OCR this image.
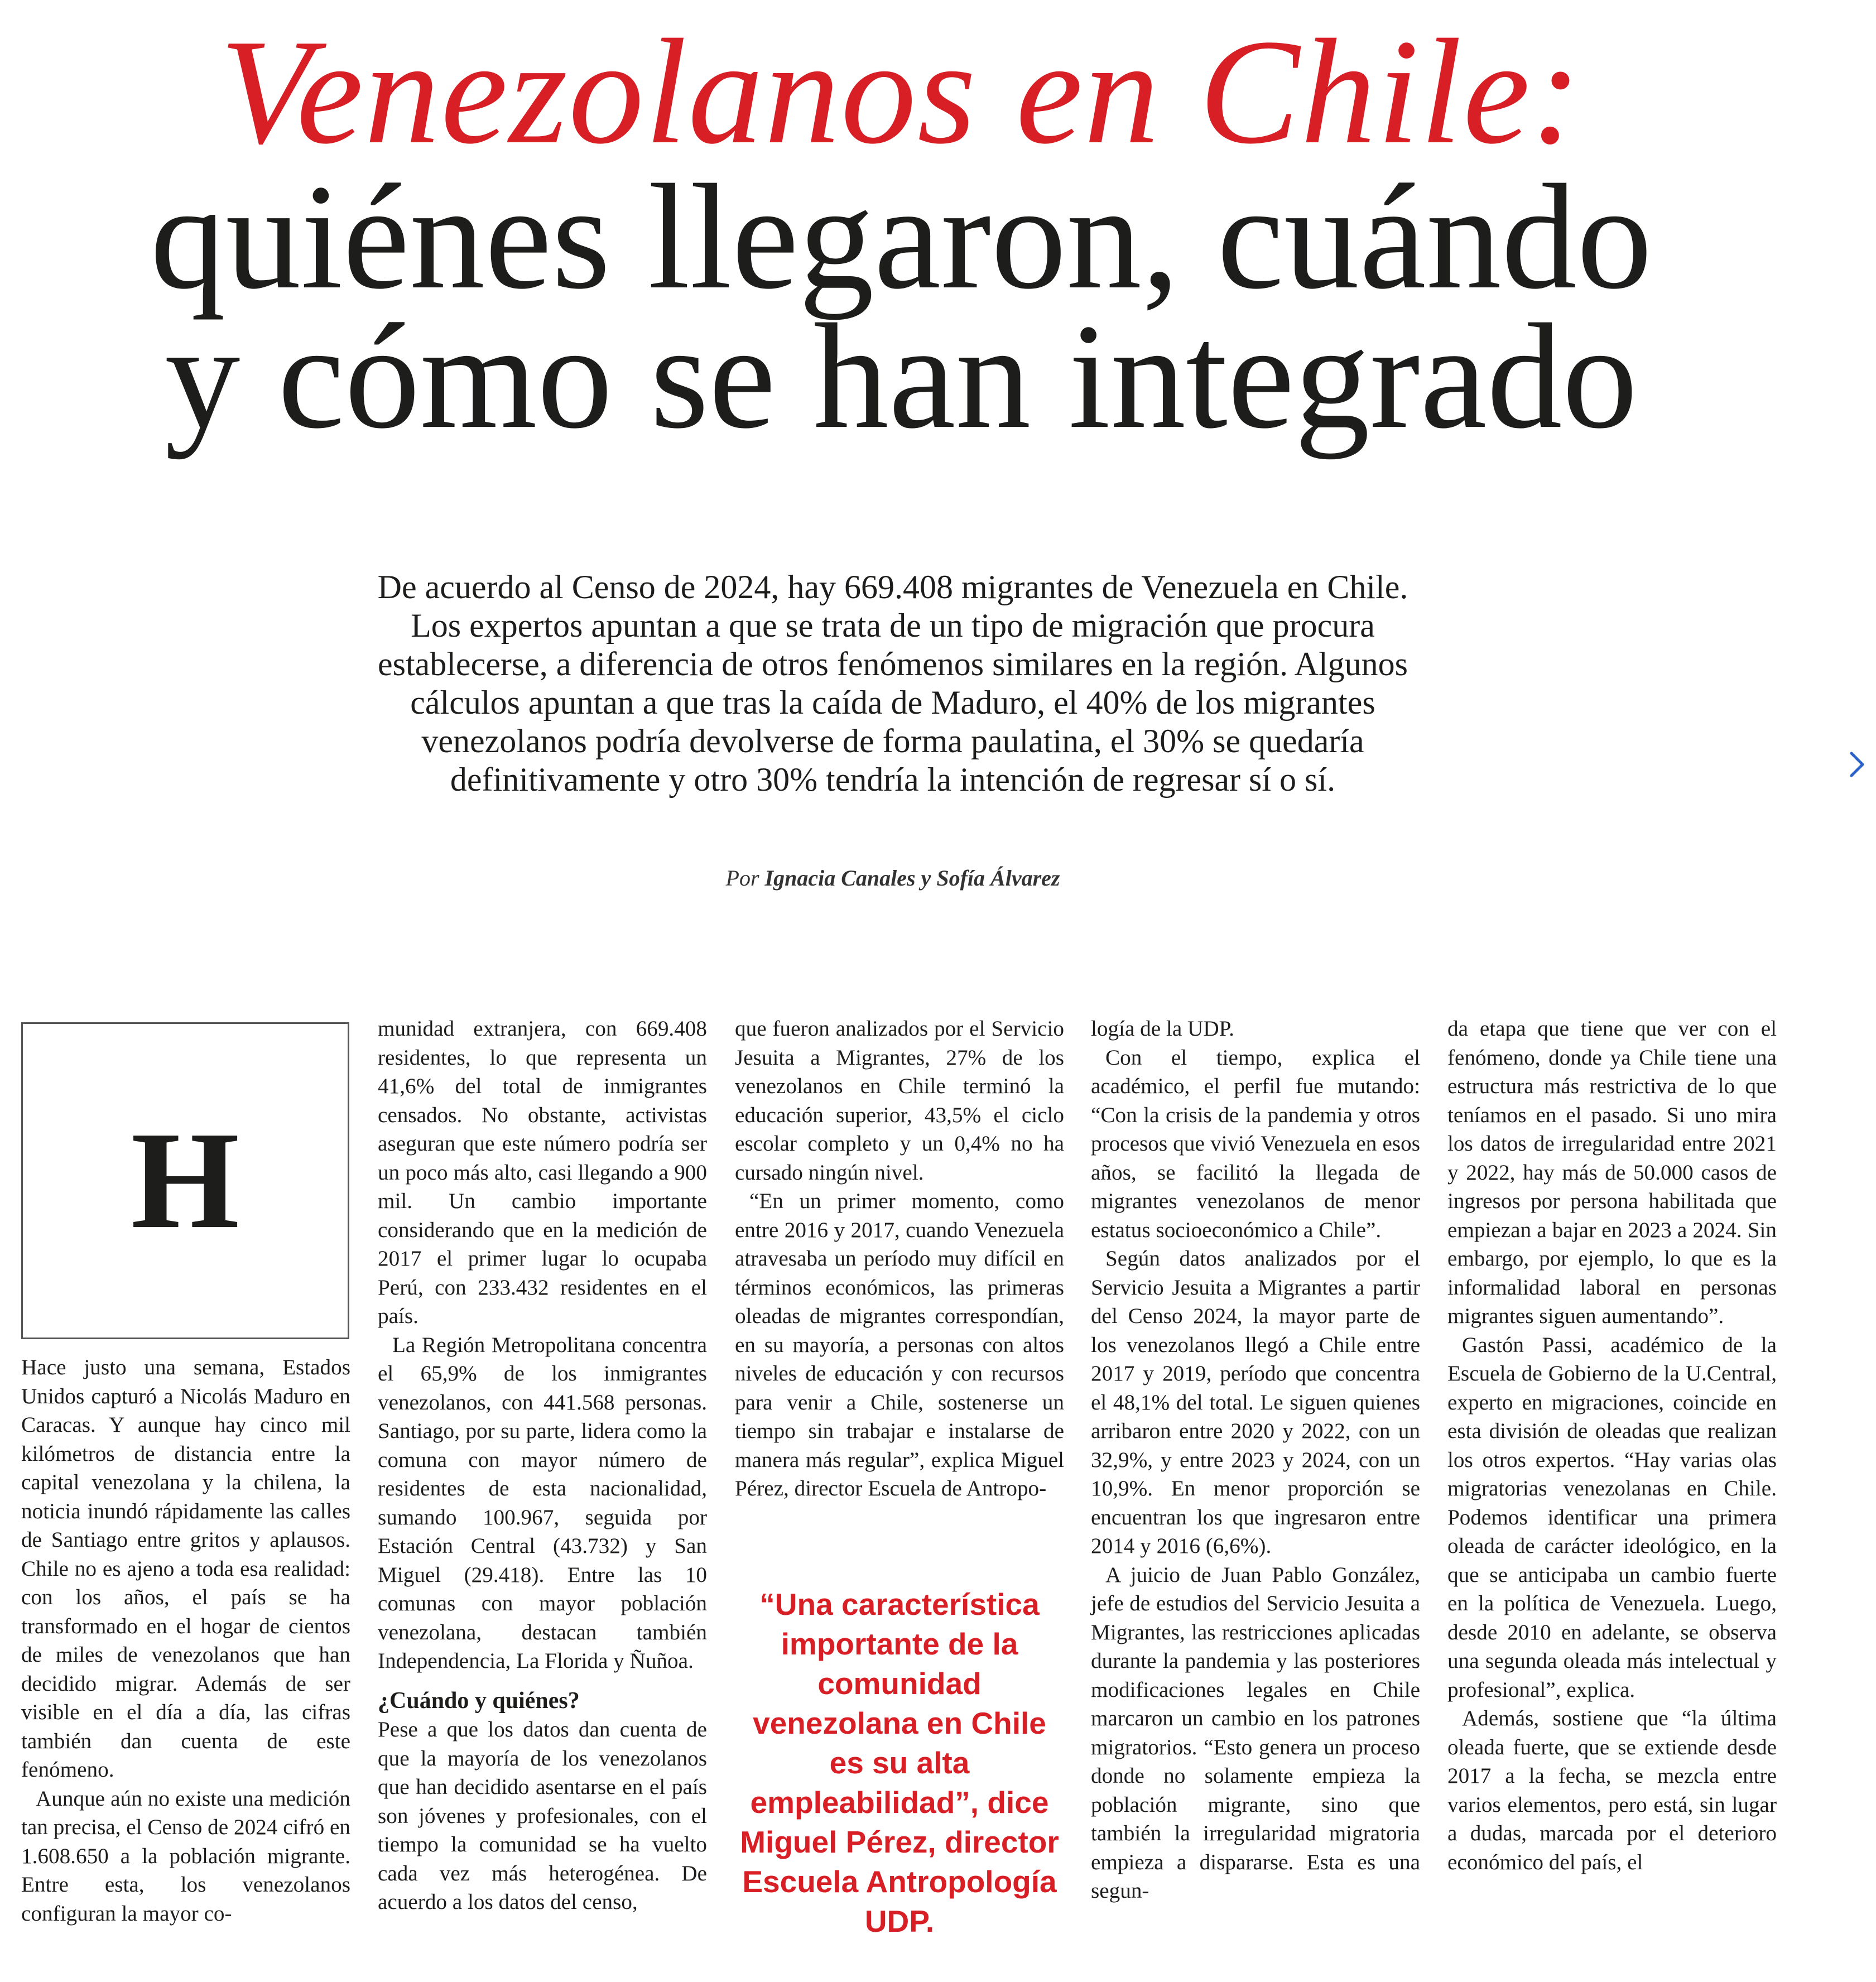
Venezolanos en Chile:
quiénes llegaron, cuándo
y cómo se han integrado
De acuerdo al Censo de 2024, hay 669.408 migrantes de Venezuela en Chile. Los expertos apuntan a que se trata de un tipo de migración que procura establecerse, a diferencia de otros fenómenos similares en la región. Algunos cálculos apuntan a que tras la caída de Maduro, el 40% de los migrantes venezolanos podría devolverse de forma paulatina, el 30% se quedaría definitivamente y otro 30% tendría la intención de regresar sí o sí.
Por Ignacia Canales y Sofía Álvarez
H

Hace justo una semana, Estados Unidos capturó a Nicolás Maduro en Caracas. Y aunque hay cinco mil kilómetros de distancia entre la capital venezolana y la chilena, la noticia inundó rápidamente las calles de Santiago entre gritos y aplausos. Chile no es ajeno a toda esa realidad: con los años, el país se ha transformado en el hogar de cientos de miles de venezolanos que han decidido migrar. Además de ser visible en el día a día, las cifras también dan cuenta de este fenómeno.

Aunque aún no existe una medición tan precisa, el Censo de 2024 cifró en 1.608.650 a la población migrante. Entre esta, los venezolanos configuran la mayor co-

munidad extranjera, con 669.408 residentes, lo que representa un 41,6% del total de inmigrantes censados. No obstante, activistas aseguran que este número podría ser un poco más alto, casi llegando a 900 mil. Un cambio importante considerando que en la medición de 2017 el primer lugar lo ocupaba Perú, con 233.432 residentes en el país.

La Región Metropolitana concentra el 65,9% de los inmigrantes venezolanos, con 441.568 personas. Santiago, por su parte, lidera como la comuna con mayor número de residentes de esta nacionalidad, sumando 100.967, seguida por Estación Central (43.732) y San Miguel (29.418). Entre las 10 comunas con mayor población venezolana, destacan también Independencia, La Florida y Ñuñoa.

¿Cuándo y quiénes?

Pese a que los datos dan cuenta de que la mayoría de los venezolanos que han decidido asentarse en el país son jóvenes y profesionales, con el tiempo la comunidad se ha vuelto cada vez más heterogénea. De acuerdo a los datos del censo,

que fueron analizados por el Servicio Jesuita a Migrantes, 27% de los venezolanos en Chile terminó la educación superior, 43,5% el ciclo escolar completo y un 0,4% no ha cursado ningún nivel.

“En un primer momento, como entre 2016 y 2017, cuando Venezuela atravesaba un período muy difícil en términos económicos, las primeras oleadas de migrantes correspondían, en su mayoría, a personas con altos niveles de educación y con recursos para venir a Chile, sostenerse un tiempo sin trabajar e instalarse de manera más regular”, explica Miguel Pérez, director Escuela de Antropo-

“Una característica importante de la comunidad venezolana en Chile es su alta empleabilidad”, dice Miguel Pérez, director Escuela Antropología UDP.

logía de la UDP.

Con el tiempo, explica el académico, el perfil fue mutando: “Con la crisis de la pandemia y otros procesos que vivió Venezuela en esos años, se facilitó la llegada de migrantes venezolanos de menor estatus socioeconómico a Chile”.

Según datos analizados por el Servicio Jesuita a Migrantes a partir del Censo 2024, la mayor parte de los venezolanos llegó a Chile entre 2017 y 2019, período que concentra el 48,1% del total. Le siguen quienes arribaron entre 2020 y 2022, con un 32,9%, y entre 2023 y 2024, con un 10,9%. En menor proporción se encuentran los que ingresaron entre 2014 y 2016 (6,6%).

A juicio de Juan Pablo González, jefe de estudios del Servicio Jesuita a Migrantes, las restricciones aplicadas durante la pandemia y las posteriores modificaciones legales en Chile marcaron un cambio en los patrones migratorios. “Esto genera un proceso donde no solamente empieza la población migrante, sino que también la irregularidad migratoria empieza a dispararse. Esta es una segun-

da etapa que tiene que ver con el fenómeno, donde ya Chile tiene una estructura más restrictiva de lo que teníamos en el pasado. Si uno mira los datos de irregularidad entre 2021 y 2022, hay más de 50.000 casos de ingresos por persona habilitada que empiezan a bajar en 2023 a 2024. Sin embargo, por ejemplo, lo que es la informalidad laboral en personas migrantes siguen aumentando”.

Gastón Passi, académico de la Escuela de Gobierno de la U.Central, experto en migraciones, coincide en esta división de oleadas que realizan los otros expertos. “Hay varias olas migratorias venezolanas en Chile. Podemos identificar una primera oleada de carácter ideológico, en la que se anticipaba un cambio fuerte en la política de Venezuela. Luego, desde 2010 en adelante, se observa una segunda oleada más intelectual y profesional”, explica.

Además, sostiene que “la última oleada fuerte, que se extiende desde 2017 a la fecha, se mezcla entre varios elementos, pero está, sin lugar a dudas, marcada por el deterioro económico del país, el
